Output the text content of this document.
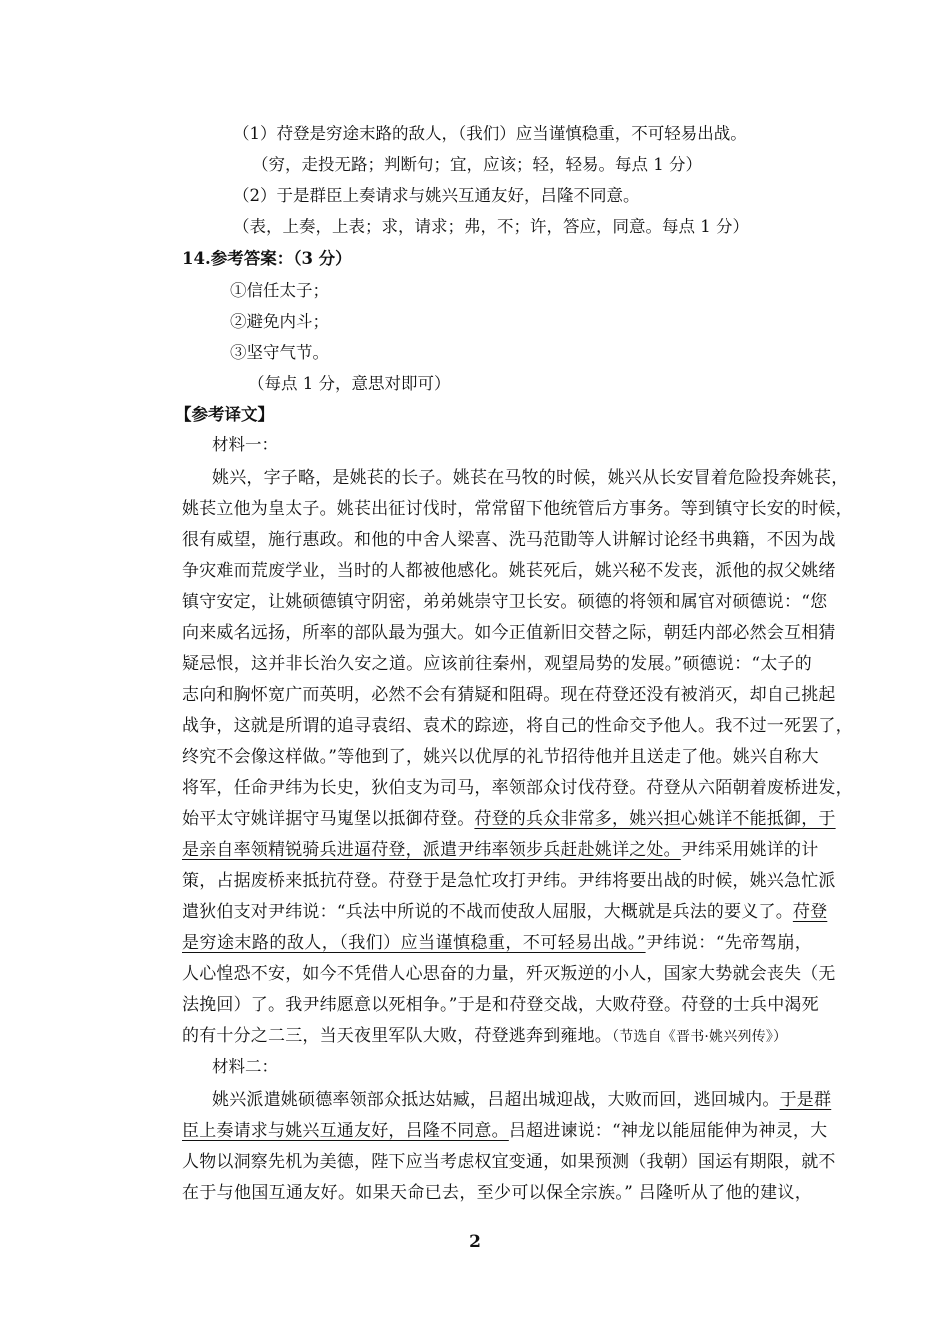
（1）苻登是穷途末路的敌人，（我们）应当谨慎稳重，不可轻易出战。
（穷，走投无路；判断句；宜，应该；轻，轻易。每点 1 分）
（2）于是群臣上奏请求与姚兴互通友好，吕隆不同意。
（表，上奏，上表；求，请求；弗，不；许，答应，同意。每点 1 分）
14.参考答案：（3 分）
①信任太子；
②避免内斗；
③坚守气节。
（每点 1 分，意思对即可）
【参考译文】
材料一：
姚兴，字子略，是姚苌的长子。姚苌在马牧的时候，姚兴从长安冒着危险投奔姚苌，
姚苌立他为皇太子。姚苌出征讨伐时，常常留下他统管后方事务。等到镇守长安的时候，
很有威望，施行惠政。和他的中舍人梁喜、洗马范勖等人讲解讨论经书典籍，不因为战
争灾难而荒废学业，当时的人都被他感化。姚苌死后，姚兴秘不发丧，派他的叔父姚绪
镇守安定，让姚硕德镇守阴密，弟弟姚崇守卫长安。硕德的将领和属官对硕德说：“您
向来威名远扬，所率的部队最为强大。如今正值新旧交替之际，朝廷内部必然会互相猜
疑忌恨，这并非长治久安之道。应该前往秦州，观望局势的发展。”硕德说：“太子的
志向和胸怀宽广而英明，必然不会有猜疑和阻碍。现在苻登还没有被消灭，却自己挑起
战争，这就是所谓的追寻袁绍、袁术的踪迹，将自己的性命交予他人。我不过一死罢了，
终究不会像这样做。”等他到了，姚兴以优厚的礼节招待他并且送走了他。姚兴自称大
将军，任命尹纬为长史，狄伯支为司马，率领部众讨伐苻登。苻登从六陌朝着废桥进发，
始平太守姚详据守马嵬堡以抵御苻登。苻登的兵众非常多，姚兴担心姚详不能抵御，于
是亲自率领精锐骑兵进逼苻登，派遣尹纬率领步兵赶赴姚详之处。尹纬采用姚详的计
策，占据废桥来抵抗苻登。苻登于是急忙攻打尹纬。尹纬将要出战的时候，姚兴急忙派
遣狄伯支对尹纬说：“兵法中所说的不战而使敌人屈服，大概就是兵法的要义了。苻登
是穷途末路的敌人，（我们）应当谨慎稳重，不可轻易出战。”尹纬说：“先帝驾崩，
人心惶恐不安，如今不凭借人心思奋的力量，歼灭叛逆的小人，国家大势就会丧失（无
法挽回）了。我尹纬愿意以死相争。”于是和苻登交战，大败苻登。苻登的士兵中渴死
的有十分之二三，当天夜里军队大败，苻登逃奔到雍地。（节选自《晋书·姚兴列传》）
材料二：
姚兴派遣姚硕德率领部众抵达姑臧，吕超出城迎战，大败而回，逃回城内。于是群
臣上奏请求与姚兴互通友好，吕隆不同意。吕超进谏说：“神龙以能屈能伸为神灵，大
人物以洞察先机为美德，陛下应当考虑权宜变通，如果预测（我朝）国运有期限，就不
在于与他国互通友好。如果天命已去，至少可以保全宗族。” 吕隆听从了他的建议，
2
